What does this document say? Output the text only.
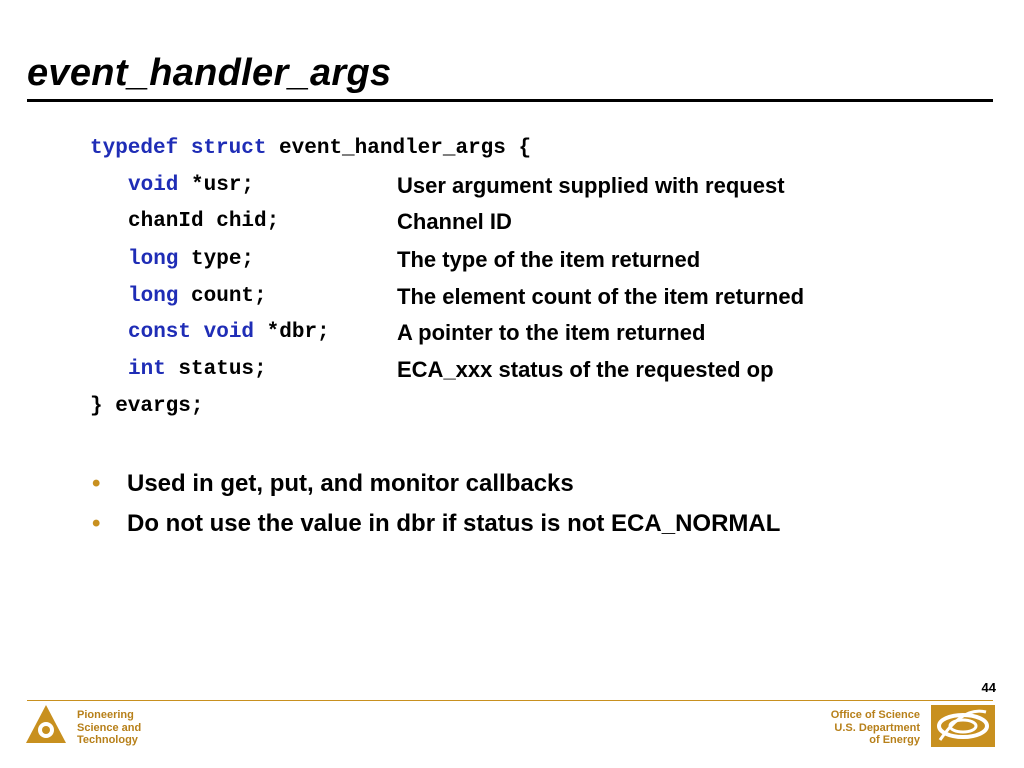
event_handler_args
typedef struct event_handler_args {
void *usr;	User argument supplied with request
chanId chid;	Channel ID
long type;	The type of the item returned
long count;	The element count of the item returned
const void *dbr;	A pointer to the item returned
int status;	ECA_xxx status of the requested op
} evargs;
• Used in get, put, and monitor callbacks
• Do not use the value in dbr if status is not ECA_NORMAL
44
Pioneering
Science and
Technology
Office of Science
U.S. Department
of Energy
